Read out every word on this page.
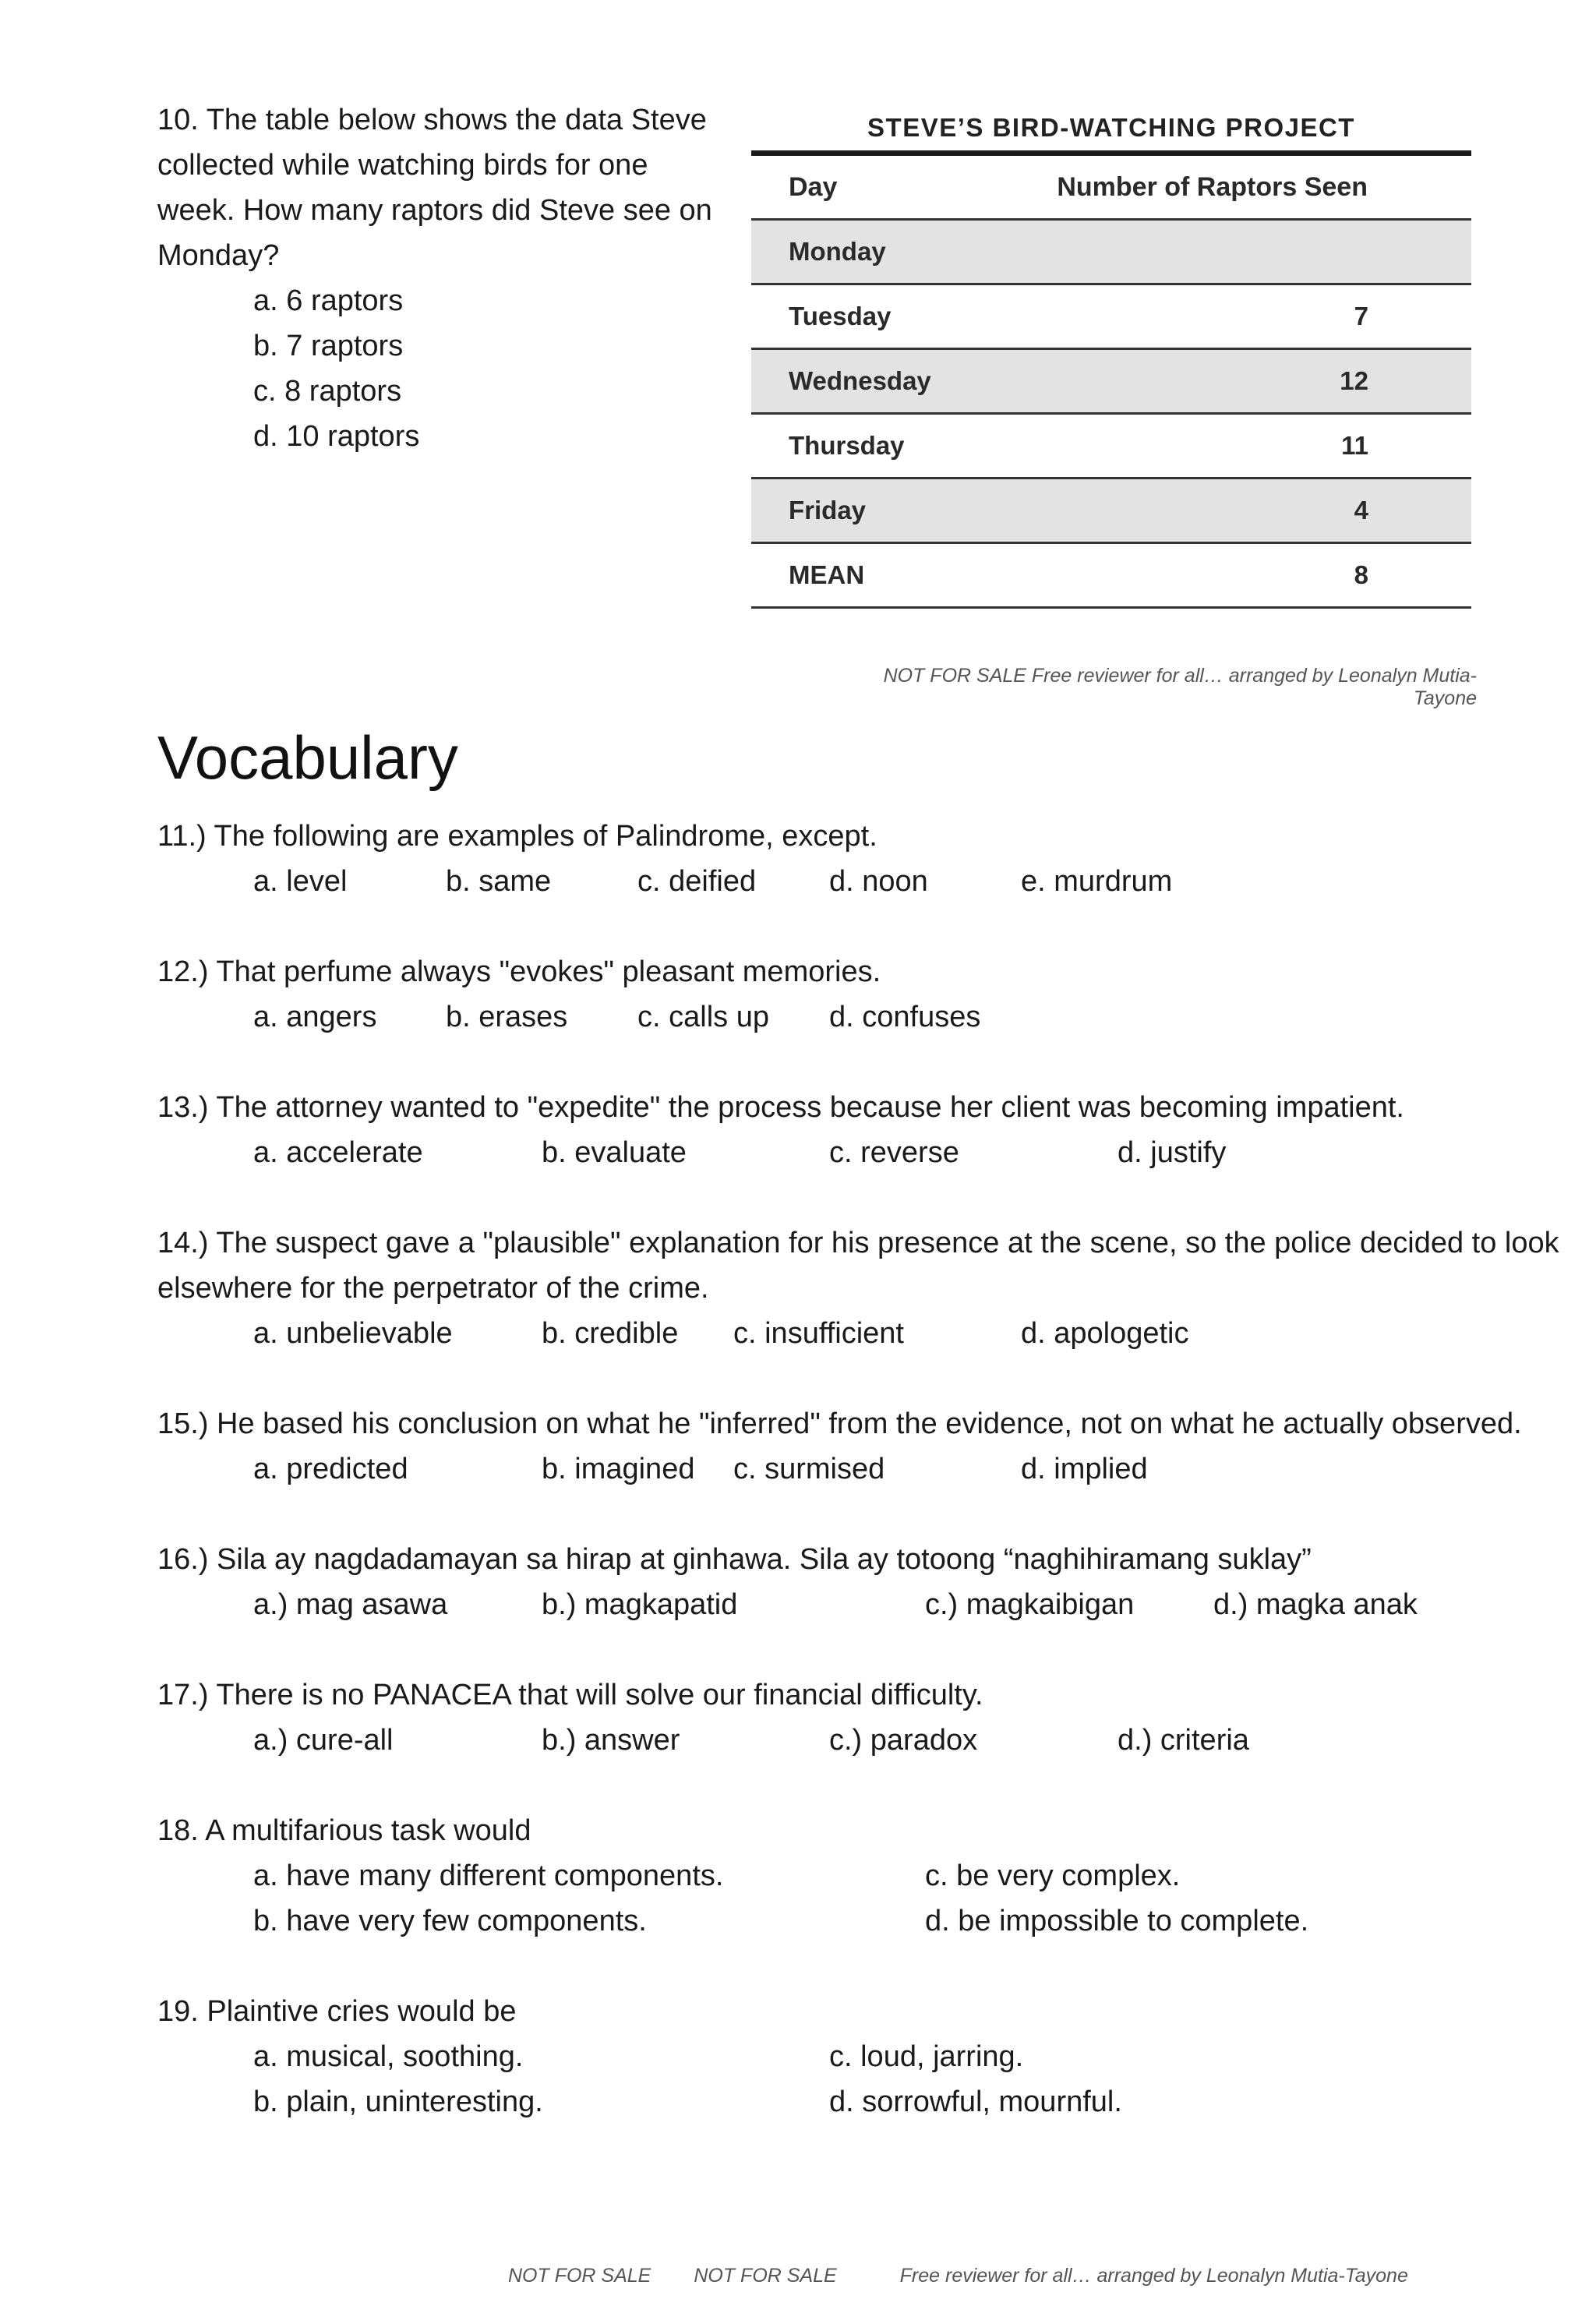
10. The table below shows the data Steve collected while watching birds for one week. How many raptors did Steve see on Monday?

a. 6 raptors
b. 7 raptors
c. 8 raptors
d. 10 raptors
STEVE’S BIRD-WATCHING PROJECT
Day	Number of Raptors Seen
Monday	
Tuesday	7
Wednesday	12
Thursday	11
Friday	4
MEAN	8
NOT FOR SALE Free reviewer for all… arranged by Leonalyn Mutia-Tayone
Vocabulary

11.) The following are examples of Palindrome, except.

a. level	b. same	c. deified d. noon	e. murdrum

12.) That perfume always "evokes" pleasant memories.

a. angers b. erases c. calls up d. confuses

13.) The attorney wanted to "expedite" the process because her client was becoming impatient.

a. accelerate	b. evaluate	c. reverse	d. justify

14.) The suspect gave a "plausible" explanation for his presence at the scene, so the police decided to look elsewhere for the perpetrator of the crime.

a. unbelievable	b. credible c. insufficient	d. apologetic

15.) He based his conclusion on what he "inferred" from the evidence, not on what he actually observed.

a. predicted	b. imagined c. surmised	d. implied

16.) Sila ay nagdadamayan sa hirap at ginhawa. Sila ay totoong “naghihiramang suklay”

a.) mag asawa	b.) magkapatid	c.) magkaibigan	d.) magka anak

17.) There is no PANACEA that will solve our financial difficulty.

a.) cure-all	b.) answer	c.) paradox	d.) criteria

18. A multifarious task would

a. have many different components.	c. be very complex.
b. have very few components.	d. be impossible to complete.

19. Plaintive cries would be

a. musical, soothing.	c. loud, jarring.
b. plain, uninteresting.	d. sorrowful, mournful.
NOT FOR SALE NOT FOR SALE	Free reviewer for all… arranged by Leonalyn Mutia-Tayone
